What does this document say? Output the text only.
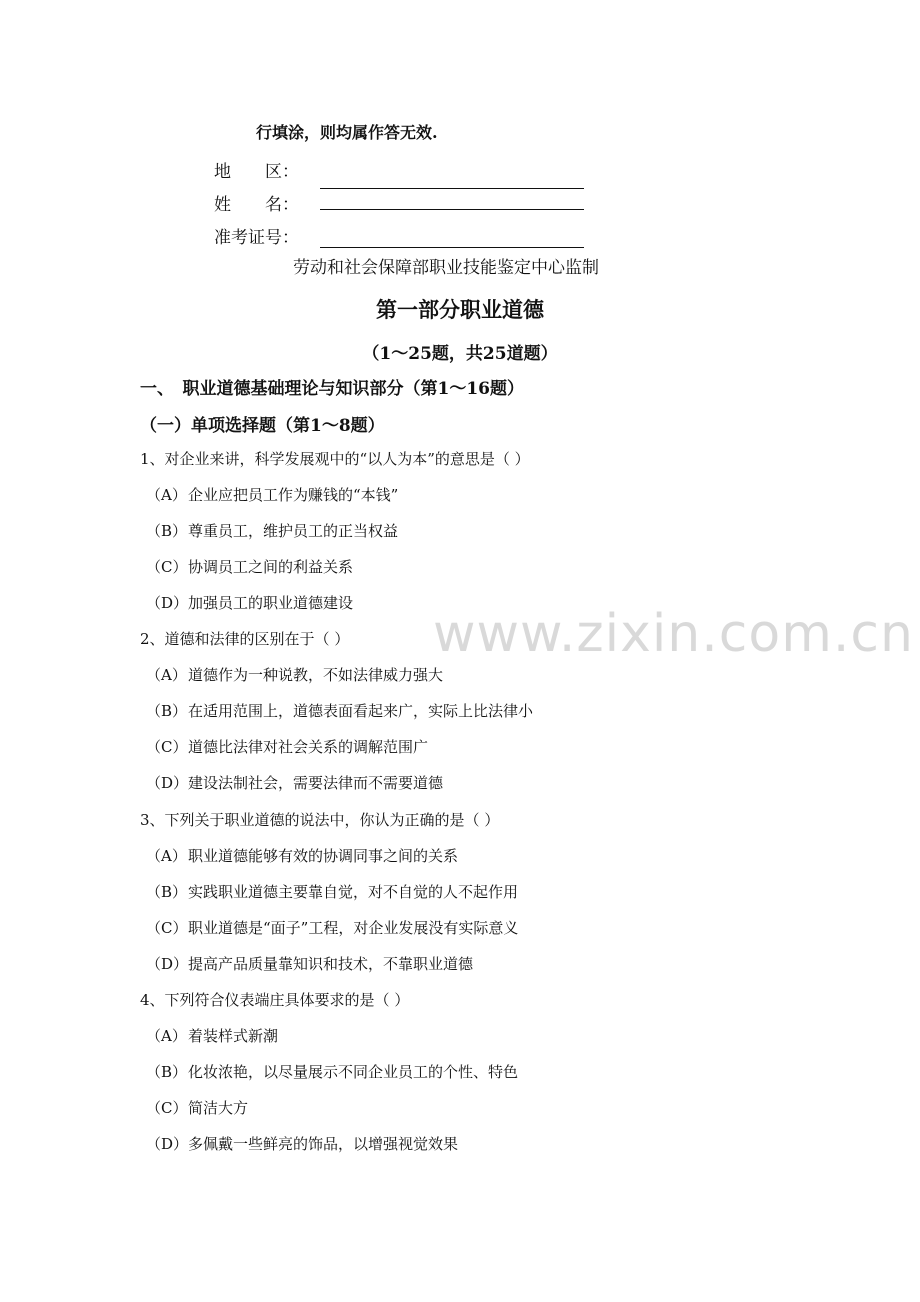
行填涂，则均属作答无效.
地　　区：
姓　　名：
准考证号：
劳动和社会保障部职业技能鉴定中心监制
第一部分职业道德
（1～25题，共25道题）
一、　职业道德基础理论与知识部分（第1～16题）
（一）单项选择题（第1～8题）
1、对企业来讲，科学发展观中的“以人为本”的意思是（ ）
（A）企业应把员工作为赚钱的“本钱”
（B）尊重员工，维护员工的正当权益
（C）协调员工之间的利益关系
（D）加强员工的职业道德建设
2、道德和法律的区别在于（ ）
（A）道德作为一种说教，不如法律威力强大
（B）在适用范围上，道德表面看起来广，实际上比法律小
（C）道德比法律对社会关系的调解范围广
（D）建设法制社会，需要法律而不需要道德
3、下列关于职业道德的说法中，你认为正确的是（ ）
（A）职业道德能够有效的协调同事之间的关系
（B）实践职业道德主要靠自觉，对不自觉的人不起作用
（C）职业道德是“面子”工程，对企业发展没有实际意义
（D）提高产品质量靠知识和技术，不靠职业道德
4、下列符合仪表端庄具体要求的是（ ）
（A）着装样式新潮
（B）化妆浓艳，以尽量展示不同企业员工的个性、特色
（C）简洁大方
（D）多佩戴一些鲜亮的饰品，以增强视觉效果
www.zixin.com.cn
